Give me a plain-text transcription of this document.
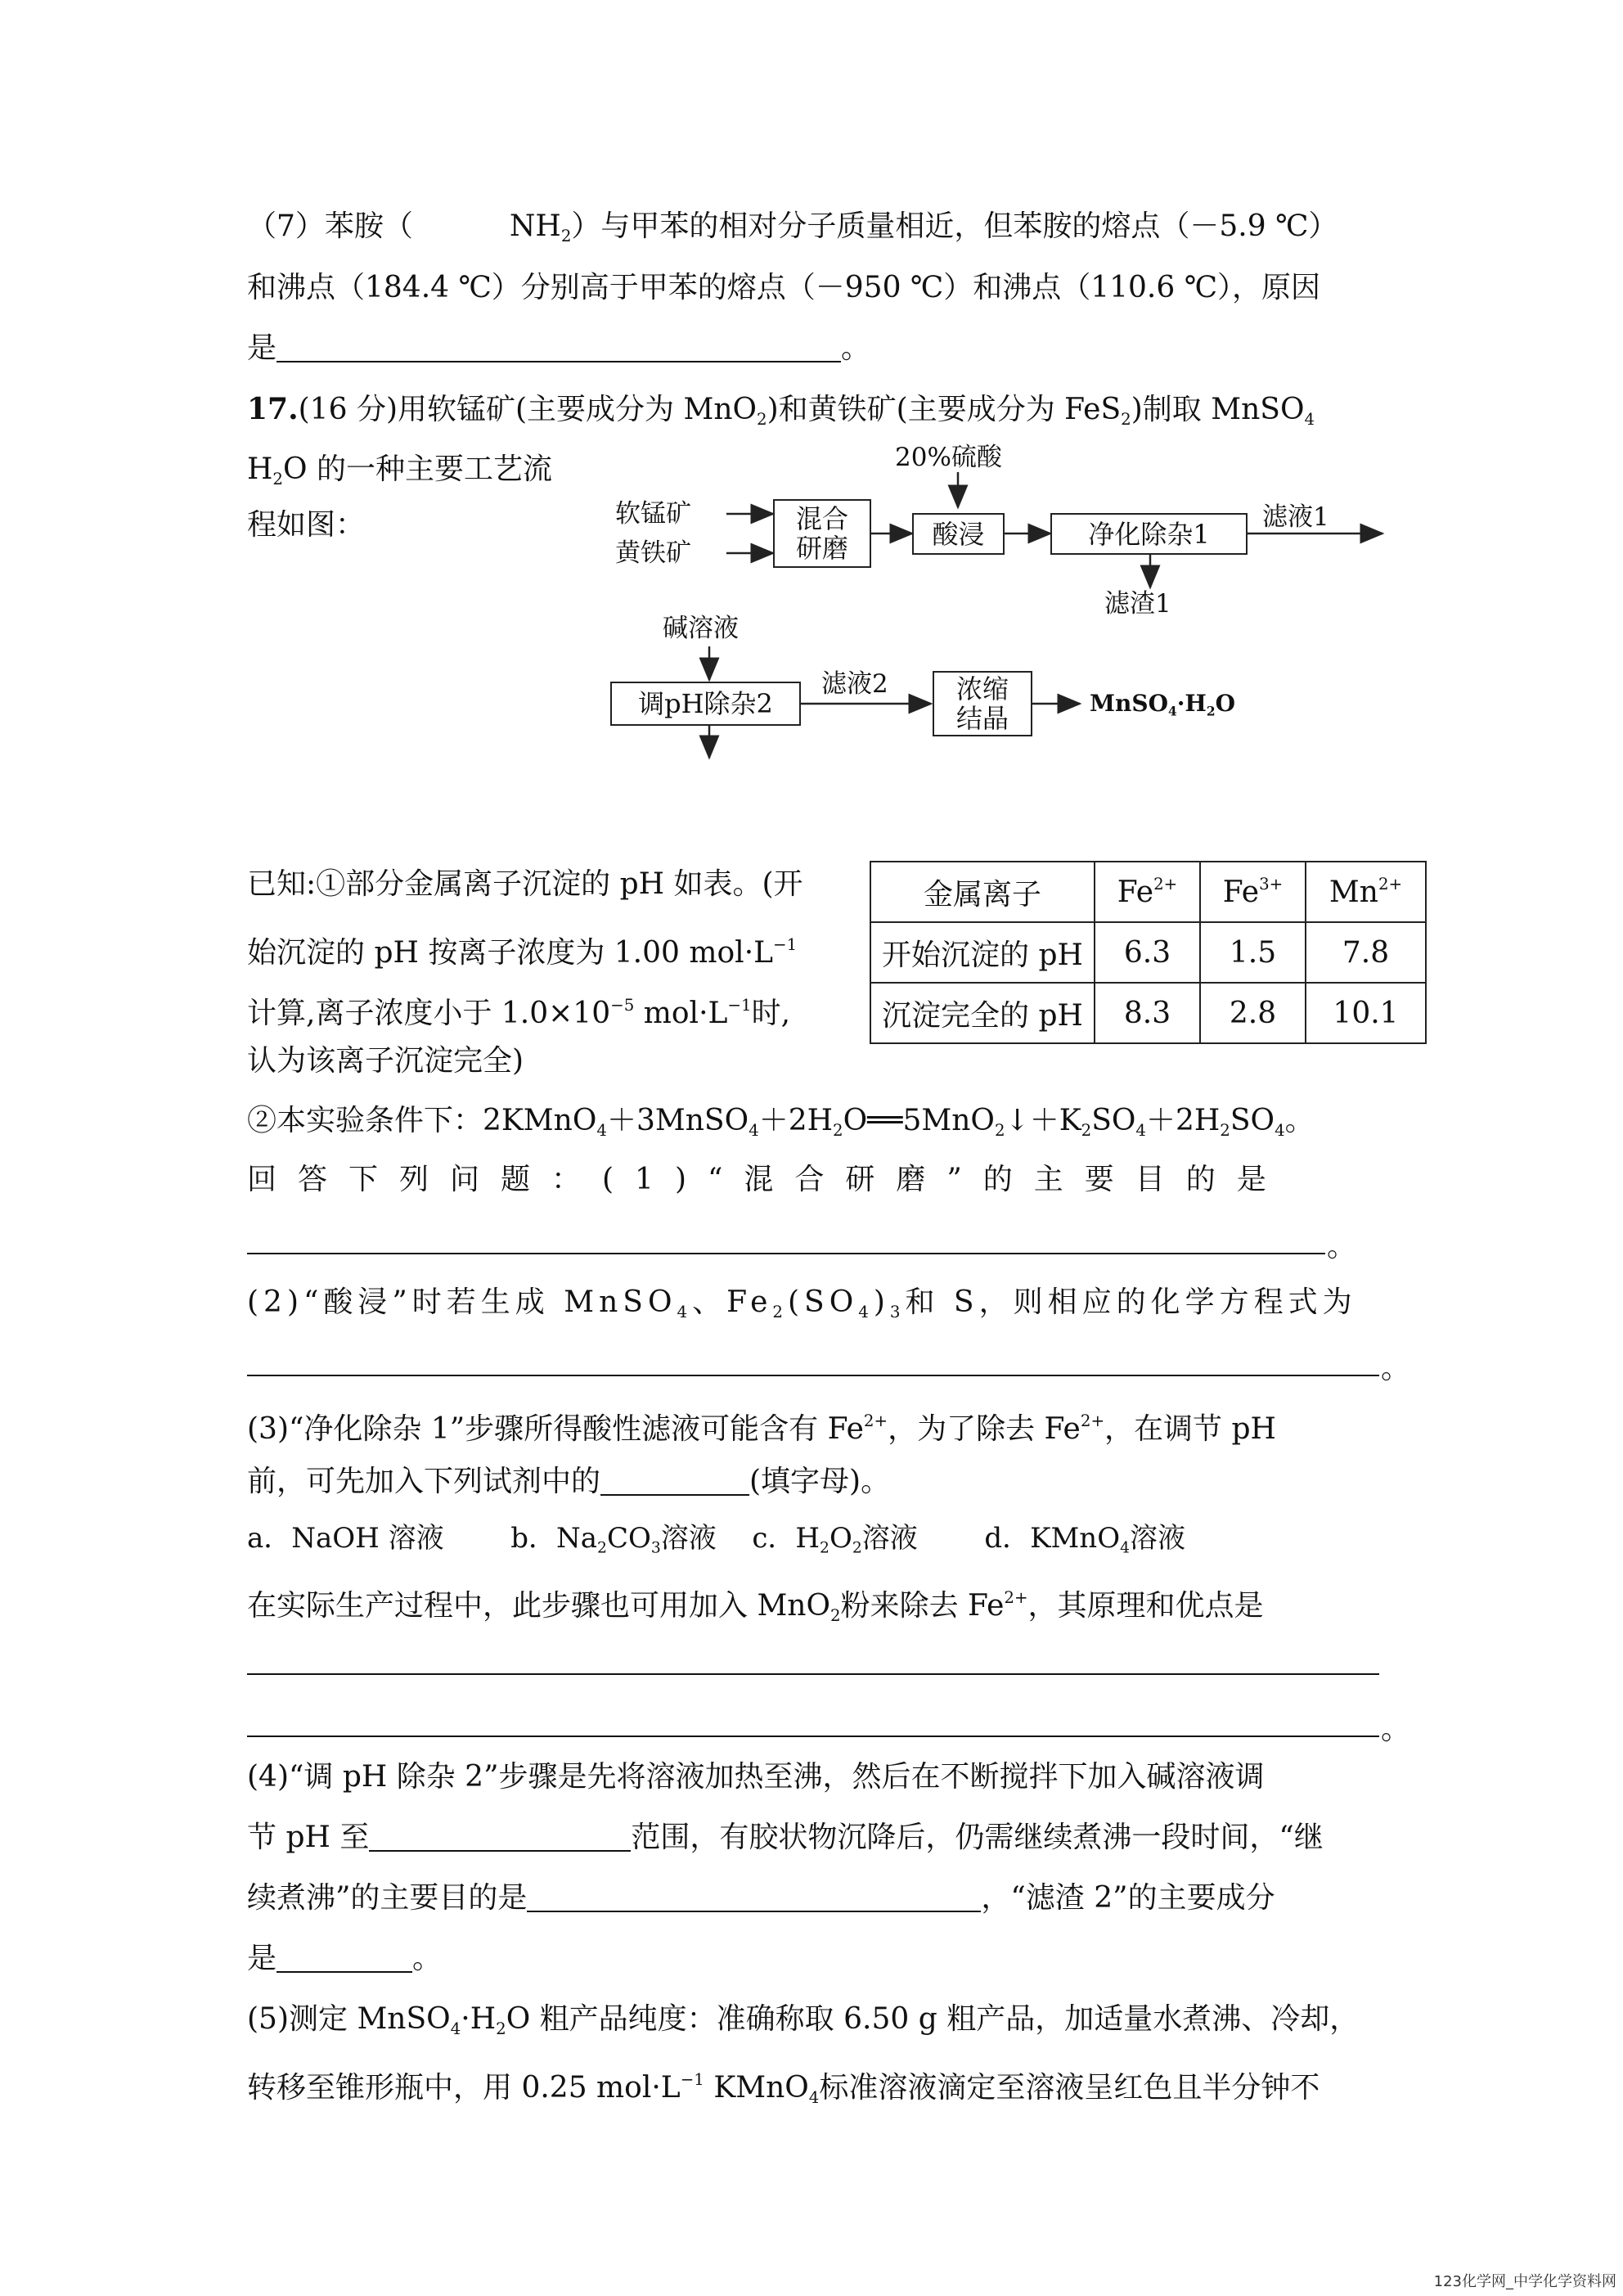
（7）苯胺（	$NH_2$）与甲苯的相对分子质量相近，但苯胺的熔点（－5.9 ℃）
和沸点（184.4 ℃）分别高于甲苯的熔点（－950 ℃）和沸点（110.6 ℃），原因
是	。
17.(16 分)用软锰矿(主要成分为 MnO$_2$)和黄铁矿(主要成分为 FeS$_2$)制取 MnSO$_4$
$H_2O$ 的一种主要工艺流
程如图：	软锰矿
黄铁矿
混合
研磨
20%硫酸
酸浸	净化除杂1
滤液1
滤渣1
碱溶液
调pH除杂2
滤液2	浓缩
结晶	$MnSO_4\cdot H_2O$
已知:①部分金属离子沉淀的 pH 如表。(开
始沉淀的 pH 按离子浓度为 1.00 $mol\cdot L^{-1}$
计算,离子浓度小于 $1.0\times 10^{-5}$ $mol\cdot L^{-1}$时,
认为该离子沉淀完全)
金属离子	$Fe^{2+}$	$Fe^{3+}$	$Mn^{2+}$
开始沉淀的 pH	6.3	1.5	7.8
沉淀完全的 pH	8.3	2.8	10.1
②本实验条件下：$2KMnO_4+3MnSO_4+2H_2O══5MnO_2↓+K_2SO_4+2H_2SO_4$。
回答下列问题：(1)“混合研磨”的主要目的是
。
(2)“酸浸”时若生成 MnSO$_4$、$Fe_2(SO_4)_3$和 S，则相应的化学方程式为
。
(3)“净化除杂 1”步骤所得酸性滤液可能含有 $Fe^{2+}$，为了除去 $Fe^{2+}$，在调节 pH
前，可先加入下列试剂中的	(填字母)。
a．NaOH 溶液 b．$Na_2CO_3$溶液 c．$H_2O_2$溶液 d．KMnO$_4$溶液
在实际生产过程中，此步骤也可用加入 MnO$_2$粉来除去 $Fe^{2+}$，其原理和优点是
。
(4)“调 pH 除杂 2”步骤是先将溶液加热至沸，然后在不断搅拌下加入碱溶液调
节 pH 至	范围，有胶状物沉降后，仍需继续煮沸一段时间，“继
续煮沸”的主要目的是	，“滤渣 2”的主要成分
是	。
(5)测定 $MnSO_4\cdot H_2O$ 粗产品纯度：准确称取 6.50 g 粗产品，加适量水煮沸、冷却，
转移至锥形瓶中，用 0.25 $mol\cdot L^{-1}$ KMnO$_4$标准溶液滴定至溶液呈红色且半分钟不
123化学网_中学化学资料网
